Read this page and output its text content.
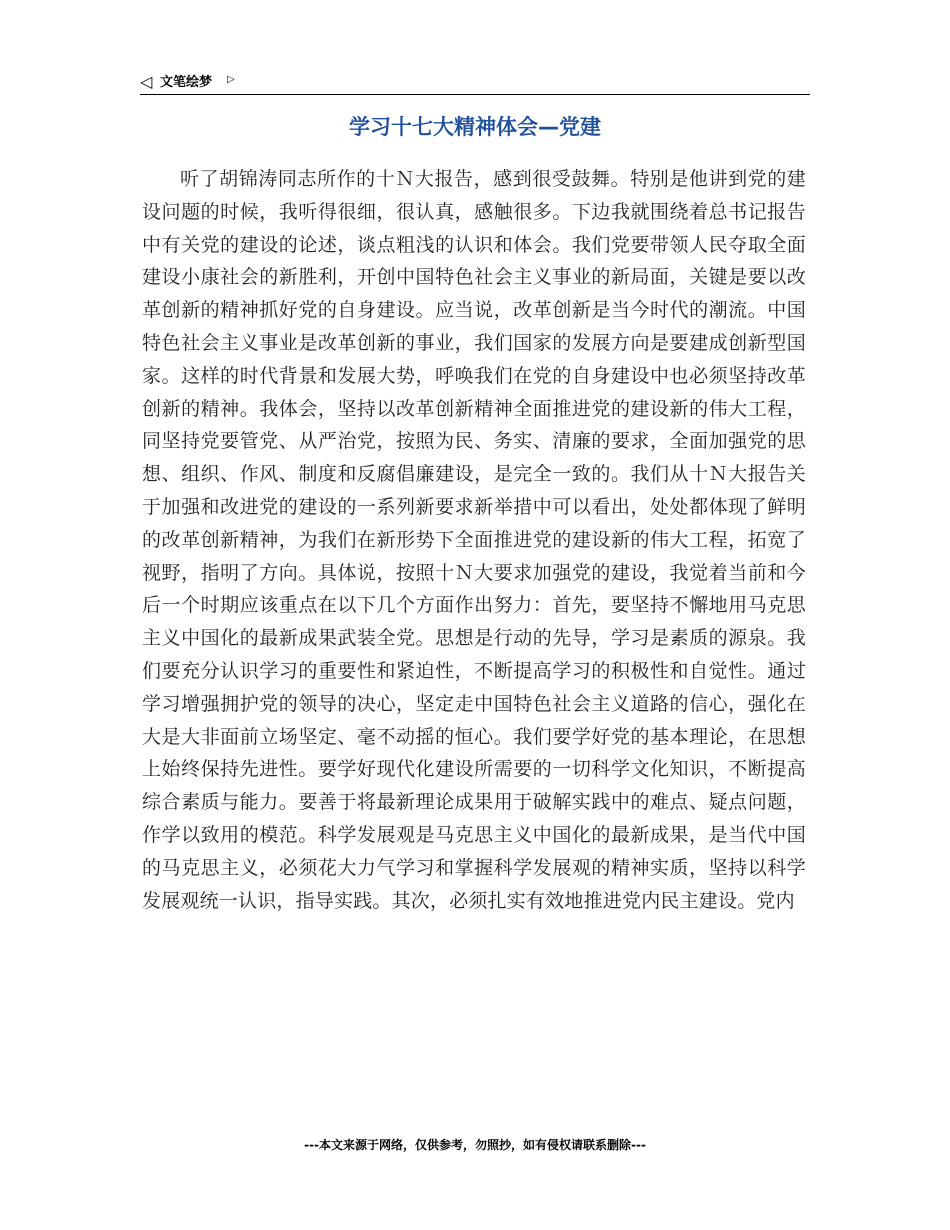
◁ 文笔绘梦 ▷
学习十七大精神体会—党建
听了胡锦涛同志所作的十Ｎ大报告，感到很受鼓舞。特别是他讲到党的建设问题的时候，我听得很细，很认真，感触很多。下边我就围绕着总书记报告中有关党的建设的论述，谈点粗浅的认识和体会。我们党要带领人民夺取全面建设小康社会的新胜利，开创中国特色社会主义事业的新局面，关键是要以改革创新的精神抓好党的自身建设。应当说，改革创新是当今时代的潮流。中国特色社会主义事业是改革创新的事业，我们国家的发展方向是要建成创新型国家。这样的时代背景和发展大势，呼唤我们在党的自身建设中也必须坚持改革创新的精神。我体会，坚持以改革创新精神全面推进党的建设新的伟大工程，同坚持党要管党、从严治党，按照为民、务实、清廉的要求，全面加强党的思想、组织、作风、制度和反腐倡廉建设，是完全一致的。我们从十Ｎ大报告关于加强和改进党的建设的一系列新要求新举措中可以看出，处处都体现了鲜明的改革创新精神，为我们在新形势下全面推进党的建设新的伟大工程，拓宽了视野，指明了方向。具体说，按照十Ｎ大要求加强党的建设，我觉着当前和今后一个时期应该重点在以下几个方面作出努力：首先，要坚持不懈地用马克思主义中国化的最新成果武装全党。思想是行动的先导，学习是素质的源泉。我们要充分认识学习的重要性和紧迫性，不断提高学习的积极性和自觉性。通过学习增强拥护党的领导的决心，坚定走中国特色社会主义道路的信心，强化在大是大非面前立场坚定、毫不动摇的恒心。我们要学好党的基本理论，在思想上始终保持先进性。要学好现代化建设所需要的一切科学文化知识，不断提高综合素质与能力。要善于将最新理论成果用于破解实践中的难点、疑点问题，作学以致用的模范。科学发展观是马克思主义中国化的最新成果，是当代中国的马克思主义，必须花大力气学习和掌握科学发展观的精神实质，坚持以科学发展观统一认识，指导实践。其次，必须扎实有效地推进党内民主建设。党内
---本文来源于网络，仅供参考，勿照抄，如有侵权请联系删除---
